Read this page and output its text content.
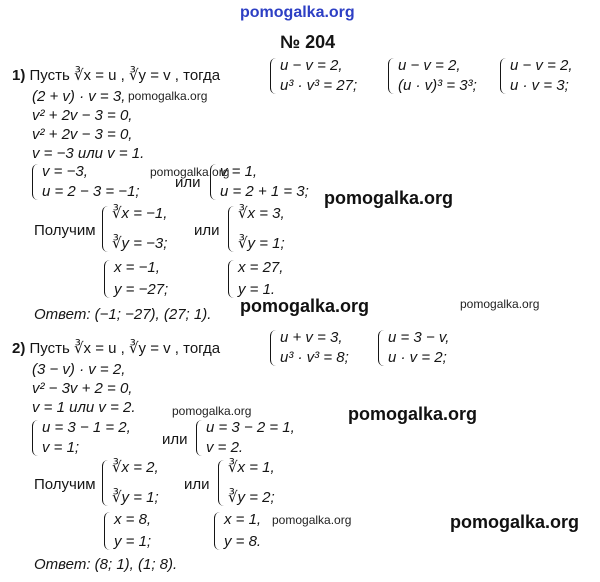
pomogalka.org
pomogalka.org
pomogalka.org
pomogalka.org
pomogalka.org	pomogalka.org
pomogalka.org	pomogalka.org
pomogalka.org	pomogalka.org
№ 204
1) Пусть ∛x = u , ∛y = v , тогда
u − v = 2,
u³ · v³ = 27;
u − v = 2,
(u · v)³ = 3³;
u − v = 2,
u · v = 3;
(2 + v) · v = 3,
v² + 2v − 3 = 0,
v² + 2v − 3 = 0,
v = −3 или v = 1.
v = −3,
u = 2 − 3 = −1;
или
v = 1,
u = 2 + 1 = 3;
Получим
∛x = −1,
∛y = −3;
или
∛x = 3,
∛y = 1;
x = −1,
y = −27;
x = 27,
y = 1.
Ответ: (−1; −27), (27; 1).
2) Пусть ∛x = u , ∛y = v , тогда
u + v = 3,
u³ · v³ = 8;
u = 3 − v,
u · v = 2;
(3 − v) · v = 2,
v² − 3v + 2 = 0,
v = 1 или v = 2.
u = 3 − 1 = 2,
v = 1;	или
u = 3 − 2 = 1,
v = 2.
Получим
∛x = 2,
∛y = 1;
или
∛x = 1,
∛y = 2;
x = 8,
y = 1;
x = 1,
y = 8.
Ответ: (8; 1), (1; 8).
